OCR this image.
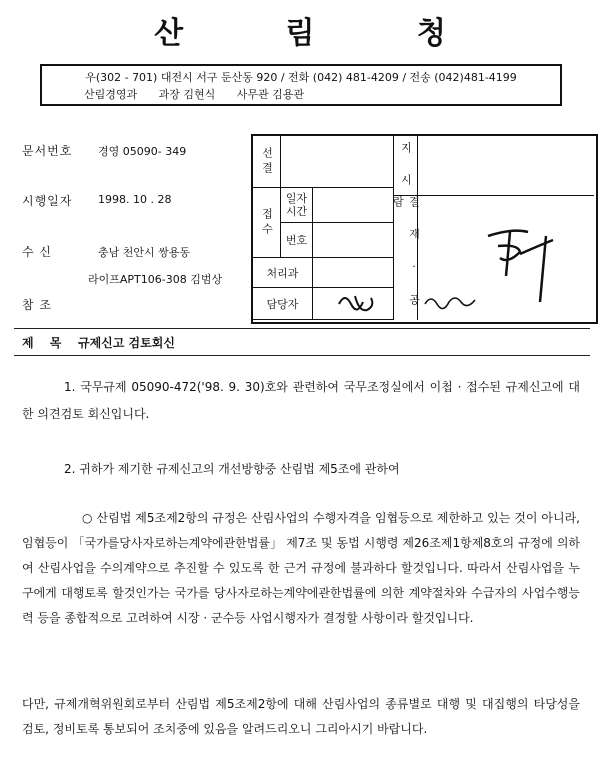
산 림 청
우(302 - 701) 대전시 서구 둔산동 920 / 전화 (042) 481-4209 / 전송 (042)481-4199
산림경영과 과장 김현식 사무관 김용관
문서번호 경영 05090- 349
시행일자 1998. 10 . 28
수 신	충남 천안시 쌍용동
라이프APT106-308 김범상
참 조
선
결
접
수
일자
시간
번호
처리과
담당자
지 시
결 재 · 공 람
제 목 규제신고 검토회신

1. 국무규제 05090-472('98. 9. 30)호와 관련하여 국무조정실에서 이첩 · 접수된 규제신고에 대한 의견검토 회신입니다.

2. 귀하가 제기한 규제신고의 개선방향중 산림법 제5조에 관하여

○ 산림법 제5조제2항의 규정은 산림사업의 수행자격을 임협등으로 제한하고 있는 것이 아니라, 임협등이 「국가를당사자로하는계약에관한법률」 제7조 및 동법 시행령 제26조제1항제8호의 규정에 의하여 산림사업을 수의계약으로 추진할 수 있도록 한 근거 규정에 불과하다 할것입니다. 따라서 산림사업을 누구에게 대행토록 할것인가는 국가를 당사자로하는계약에관한법률에 의한 계약절차와 수급자의 사업수행능력 등을 종합적으로 고려하여 시장 · 군수등 사업시행자가 결정할 사항이라 할것입니다.

다만, 규제개혁위원회로부터 산림법 제5조제2항에 대해 산림사업의 종류별로 대행 및 대집행의 타당성을 검토, 정비토록 통보되어 조치중에 있음을 알려드리오니 그리아시기 바랍니다.
